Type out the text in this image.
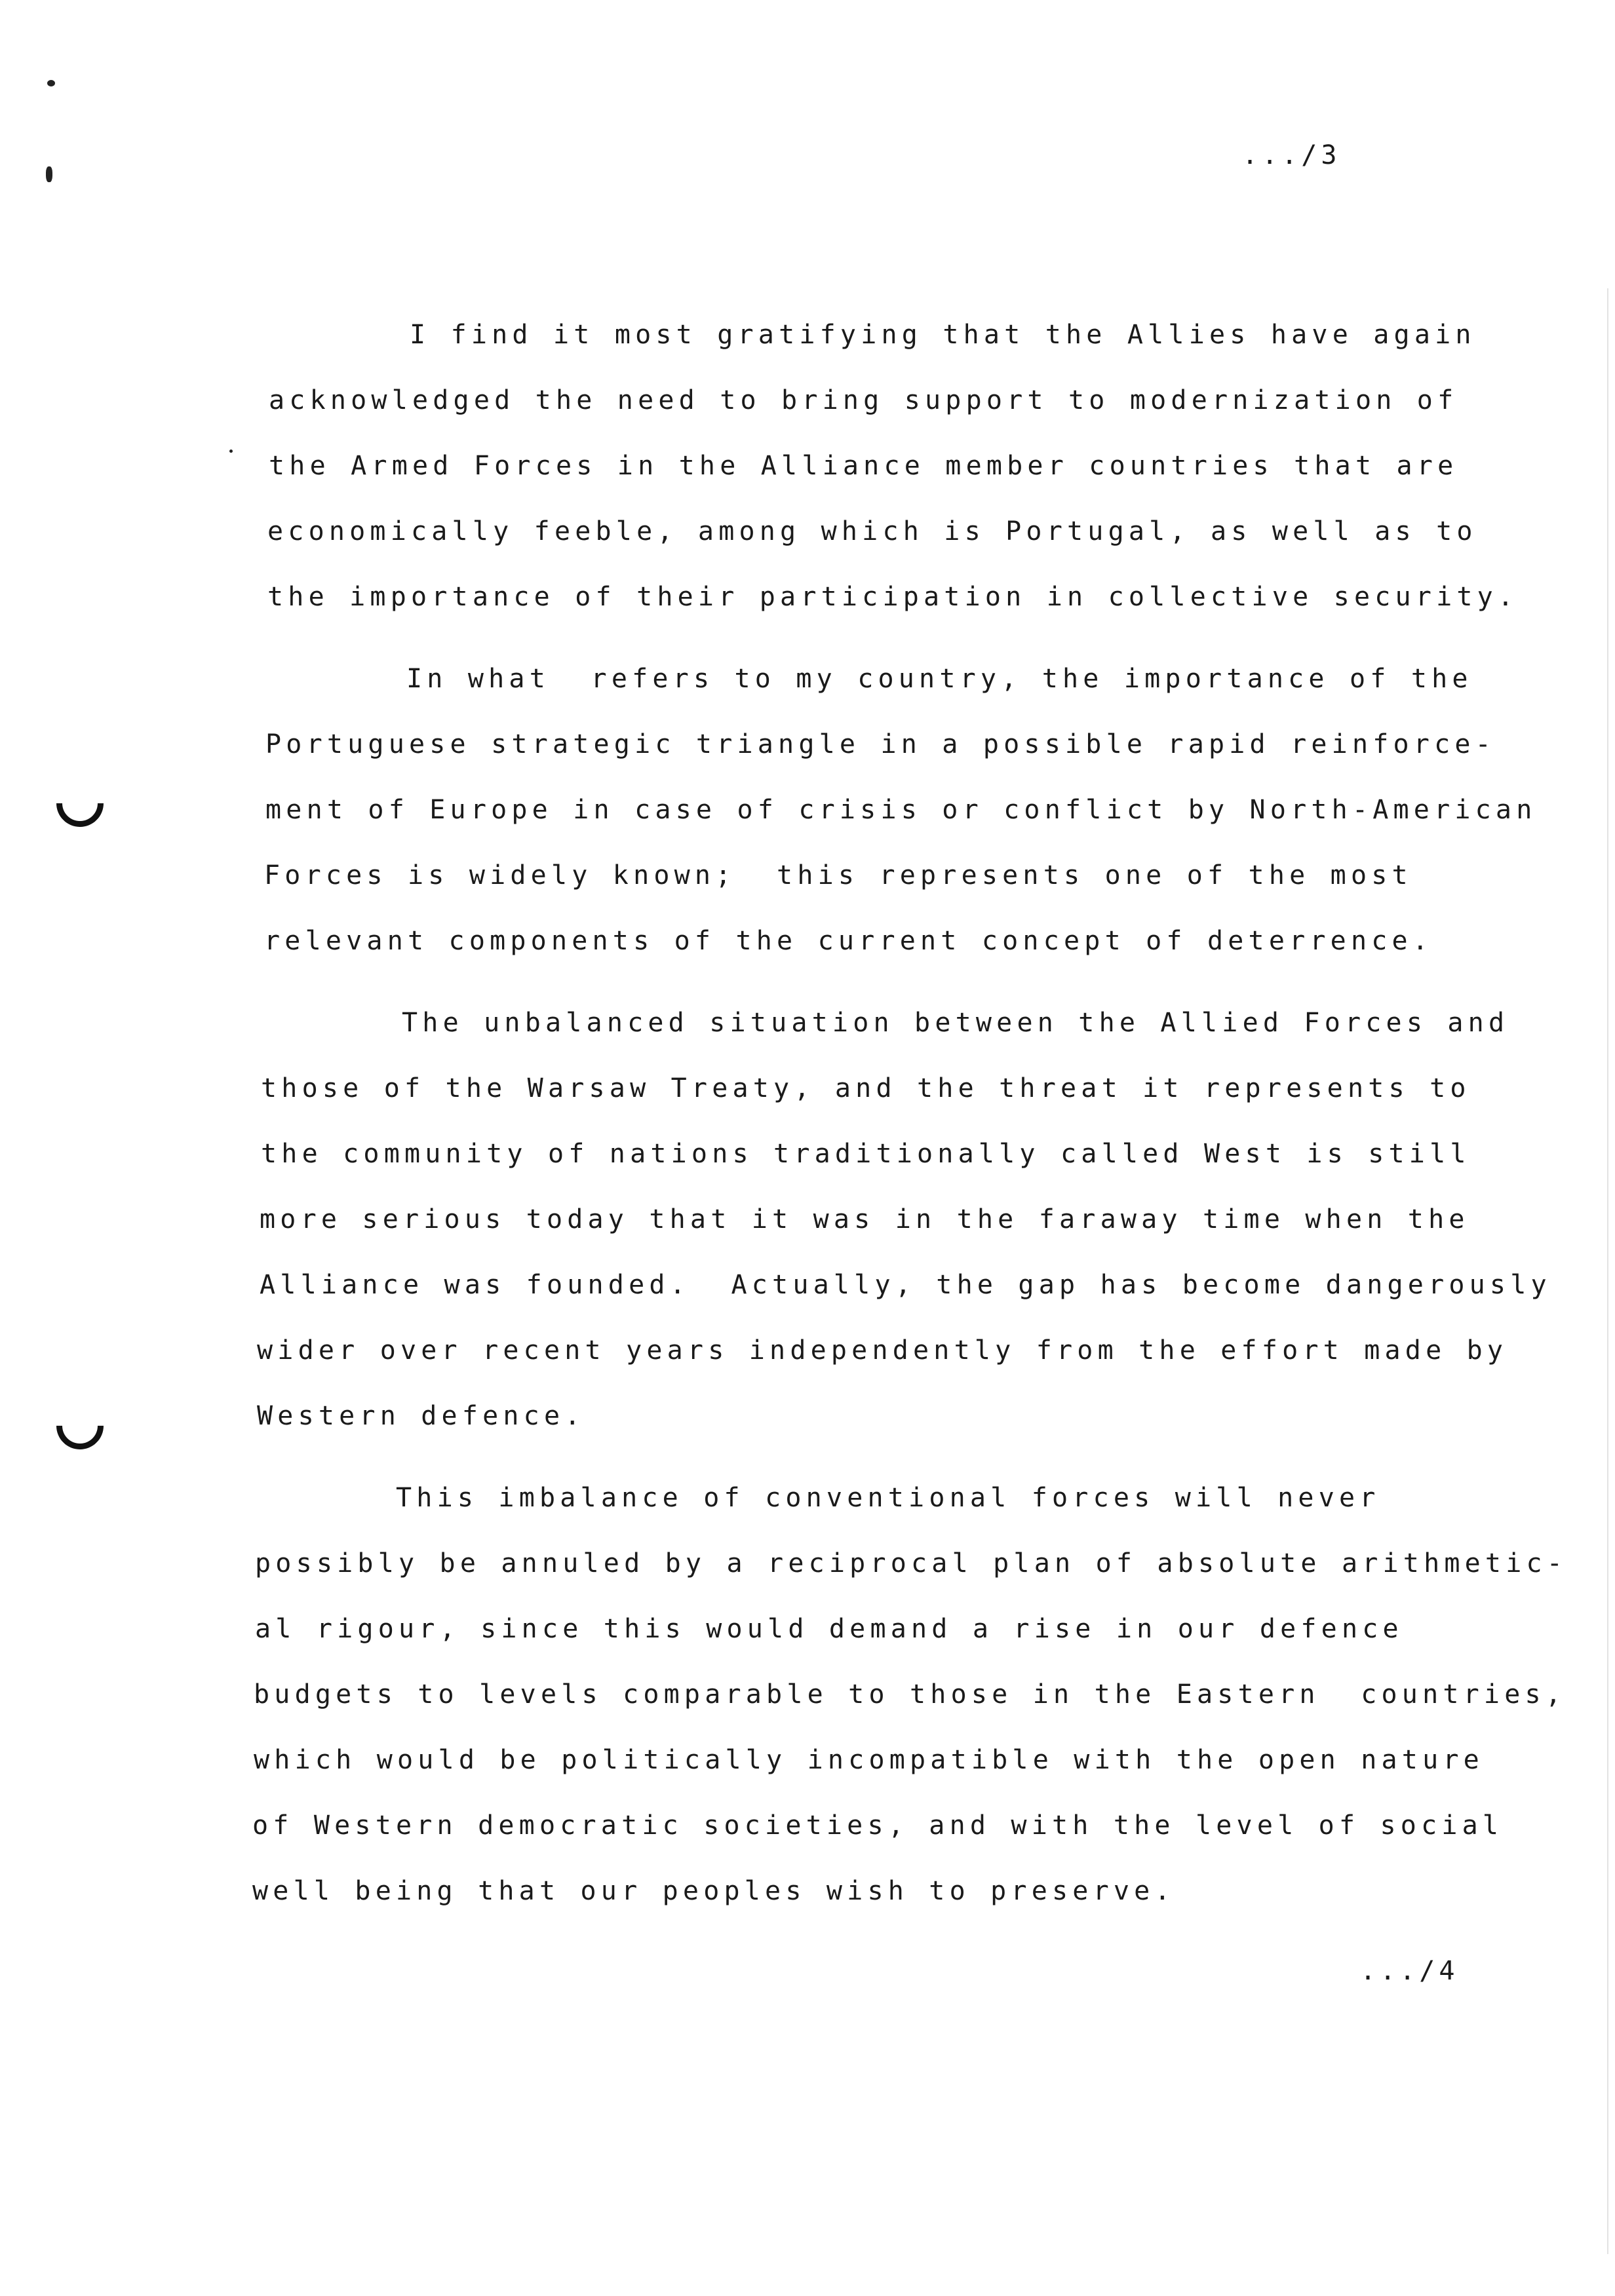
.../3
I find it most gratifying that the Allies have again
acknowledged the need to bring support to modernization of
the Armed Forces in the Alliance member countries that are
economically feeble, among which is Portugal, as well as to
the importance of their participation in collective security.
In what  refers to my country, the importance of the
Portuguese strategic triangle in a possible rapid reinforce-
ment of Europe in case of crisis or conflict by North-American
Forces is widely known;  this represents one of the most
relevant components of the current concept of deterrence.
The unbalanced situation between the Allied Forces and
those of the Warsaw Treaty, and the threat it represents to
the community of nations traditionally called West is still
more serious today that it was in the faraway time when the
Alliance was founded.  Actually, the gap has become dangerously
wider over recent years independently from the effort made by
Western defence.
This imbalance of conventional forces will never
possibly be annuled by a reciprocal plan of absolute arithmetic-
al rigour, since this would demand a rise in our defence
budgets to levels comparable to those in the Eastern  countries,
which would be politically incompatible with the open nature
of Western democratic societies, and with the level of social
well being that our peoples wish to preserve.
.../4
